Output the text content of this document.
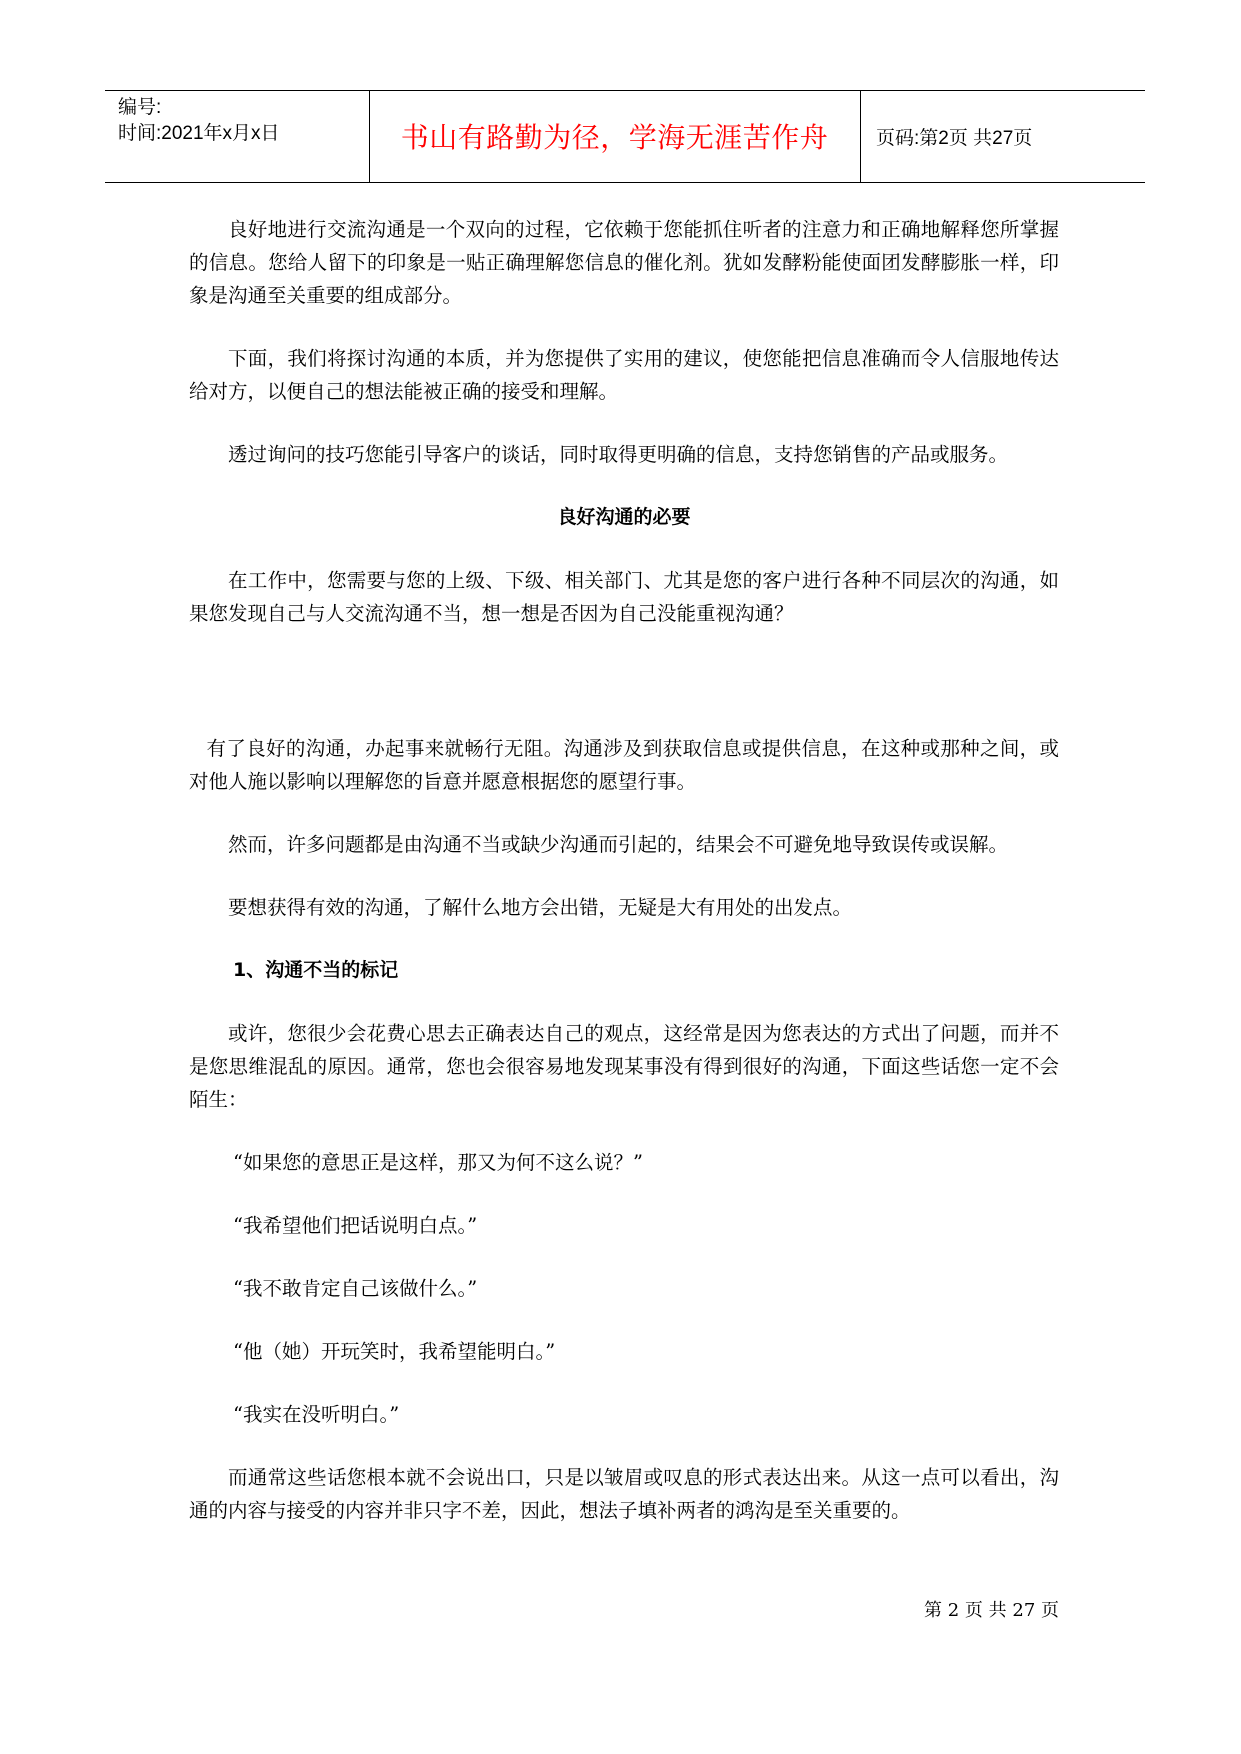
编号:
时间:2021年x月x日	书山有路勤为径，学海无涯苦作舟	页码:第2页 共27页

良好地进行交流沟通是一个双向的过程，它依赖于您能抓住听者的注意力和正确地解释您所掌握的信息。您给人留下的印象是一贴正确理解您信息的催化剂。犹如发酵粉能使面团发酵膨胀一样，印象是沟通至关重要的组成部分。

下面，我们将探讨沟通的本质，并为您提供了实用的建议，使您能把信息准确而令人信服地传达给对方，以便自己的想法能被正确的接受和理解。

透过询问的技巧您能引导客户的谈话，同时取得更明确的信息，支持您销售的产品或服务。

良好沟通的必要

在工作中，您需要与您的上级、下级、相关部门、尤其是您的客户进行各种不同层次的沟通，如果您发现自己与人交流沟通不当，想一想是否因为自己没能重视沟通？

有了良好的沟通，办起事来就畅行无阻。沟通涉及到获取信息或提供信息，在这种或那种之间，或对他人施以影响以理解您的旨意并愿意根据您的愿望行事。

然而，许多问题都是由沟通不当或缺少沟通而引起的，结果会不可避免地导致误传或误解。

要想获得有效的沟通，了解什么地方会出错，无疑是大有用处的出发点。

1、沟通不当的标记

或许，您很少会花费心思去正确表达自己的观点，这经常是因为您表达的方式出了问题，而并不是您思维混乱的原因。通常，您也会很容易地发现某事没有得到很好的沟通，下面这些话您一定不会陌生：

“如果您的意思正是这样，那又为何不这么说？”
“我希望他们把话说明白点。”
“我不敢肯定自己该做什么。”
“他（她）开玩笑时，我希望能明白。”
“我实在没听明白。”

而通常这些话您根本就不会说出口，只是以皱眉或叹息的形式表达出来。从这一点可以看出，沟通的内容与接受的内容并非只字不差，因此，想法子填补两者的鸿沟是至关重要的。

第 2 页 共 27 页
